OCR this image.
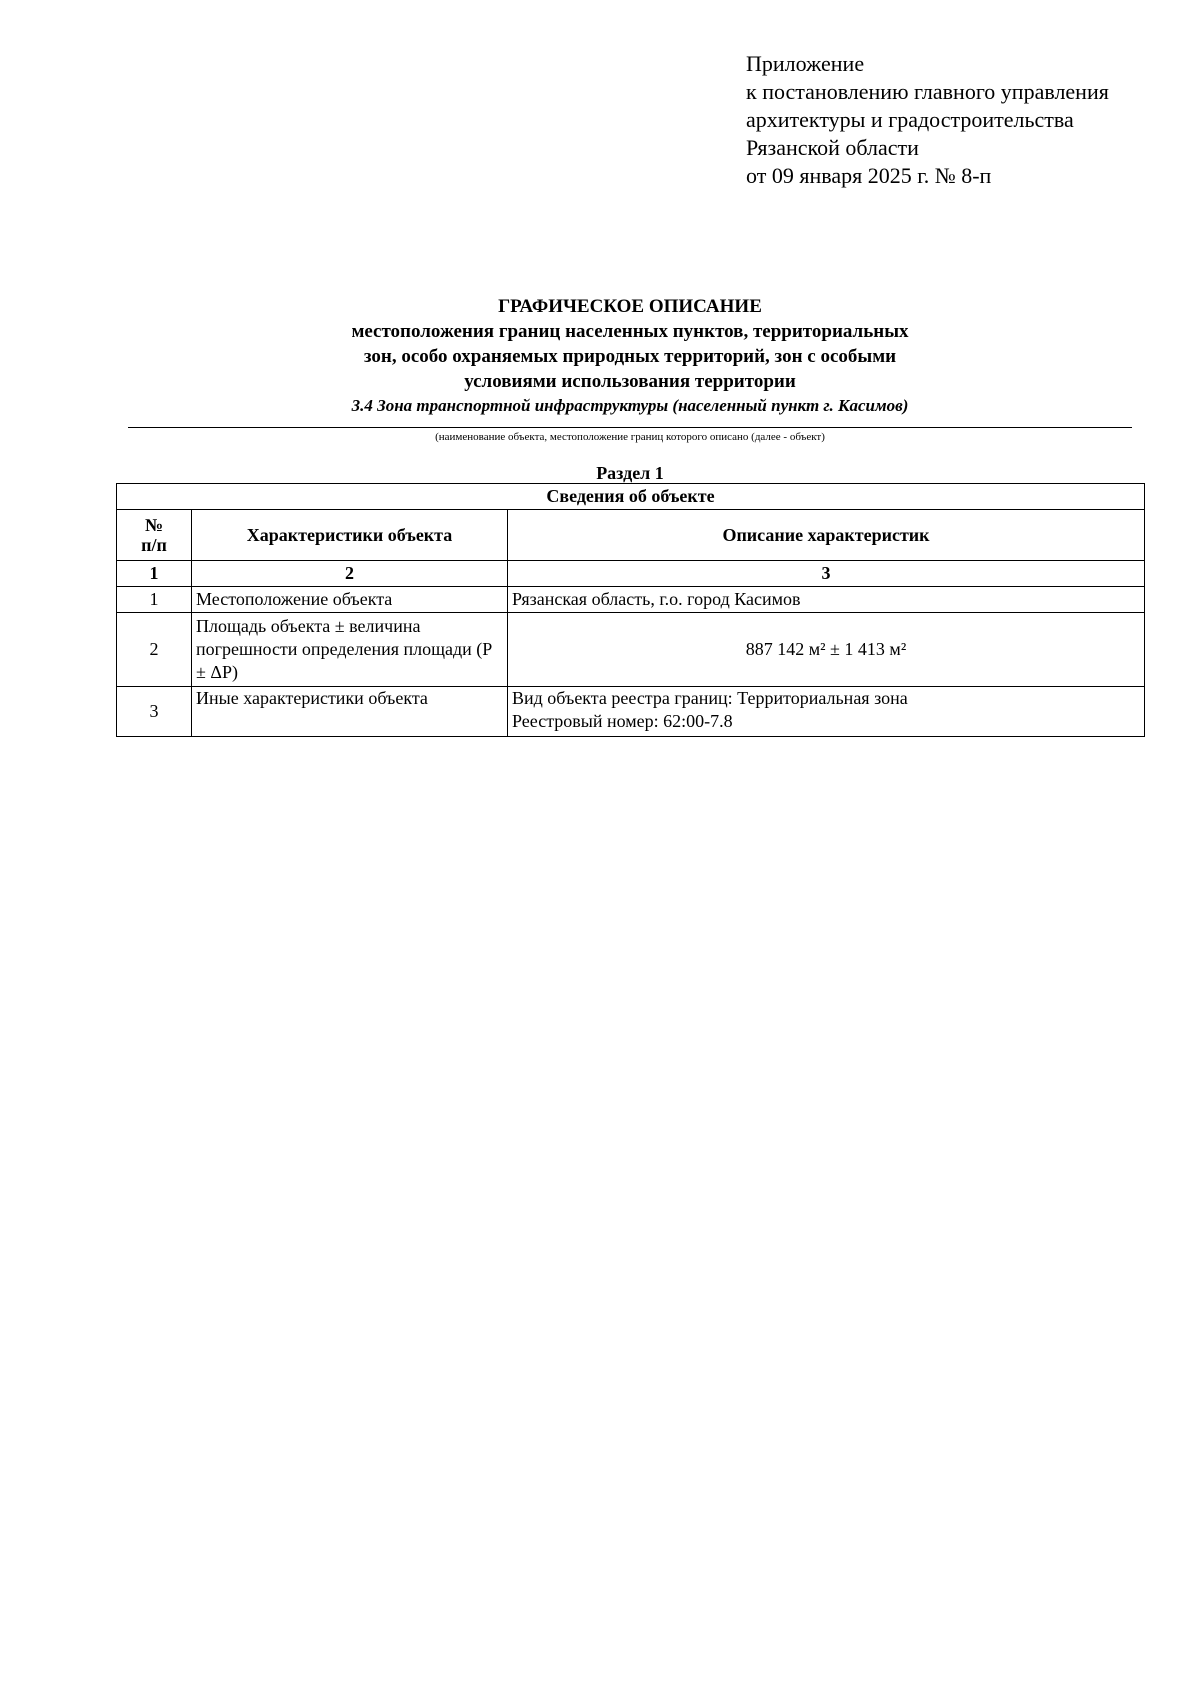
Приложение
к постановлению главного управления
архитектуры и градостроительства
Рязанской области
от 09 января 2025 г. № 8-п
ГРАФИЧЕСКОЕ ОПИСАНИЕ
местоположения границ населенных пунктов, территориальных
зон, особо охраняемых природных территорий, зон с особыми
условиями использования территории
3.4 Зона транспортной инфраструктуры (населенный пункт г. Касимов)
(наименование объекта, местоположение границ которого описано (далее - объект)
Раздел 1
Сведения об объекте		
№
п/п	Характеристики объекта	Описание характеристик
1	2	3
1	Местоположение объекта	Рязанская область, г.о. город Касимов
2	Площадь объекта ± величина погрешности определения площади (P ± ΔP)	887 142 м² ± 1 413 м²
3	Иные характеристики объекта	Вид объекта реестра границ: Территориальная зона
Реестровый номер: 62:00-7.8
